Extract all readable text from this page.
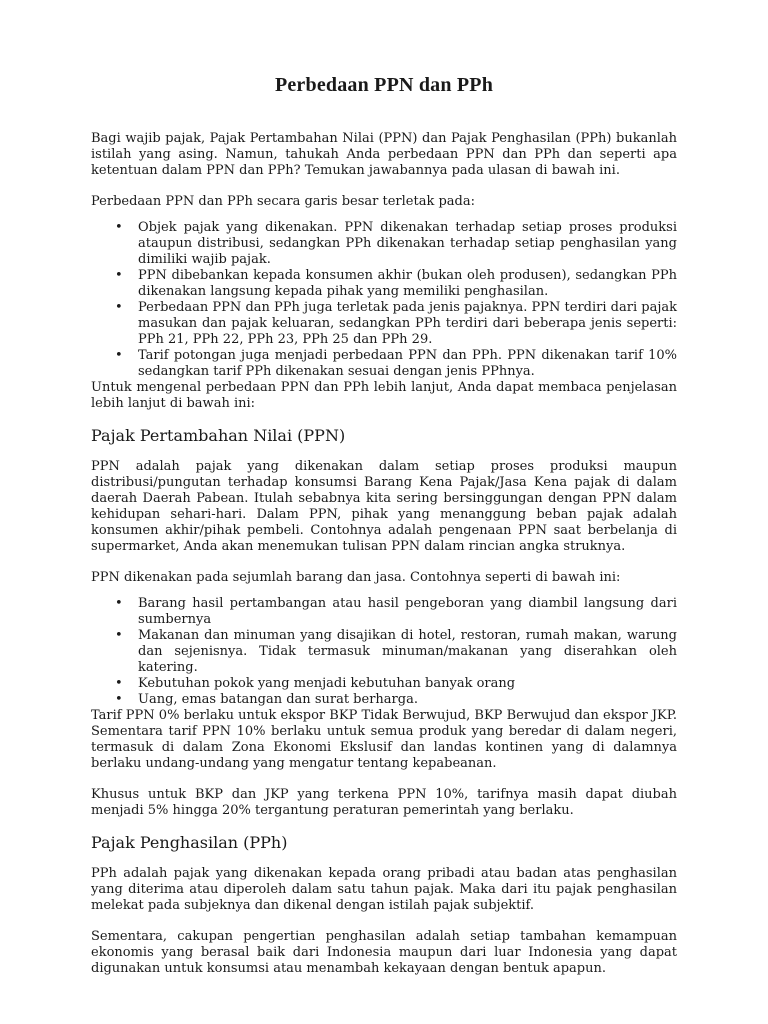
Perbedaan PPN dan PPh

Bagi wajib pajak, Pajak Pertambahan Nilai (PPN) dan Pajak Penghasilan (PPh) bukanlah istilah yang asing. Namun, tahukah Anda perbedaan PPN dan PPh dan seperti apa ketentuan dalam PPN dan PPh? Temukan jawabannya pada ulasan di bawah ini.

Perbedaan PPN dan PPh secara garis besar terletak pada:

• Objek pajak yang dikenakan. PPN dikenakan terhadap setiap proses produksi ataupun distribusi, sedangkan PPh dikenakan terhadap setiap penghasilan yang dimiliki wajib pajak.
• PPN dibebankan kepada konsumen akhir (bukan oleh produsen), sedangkan PPh dikenakan langsung kepada pihak yang memiliki penghasilan.
• Perbedaan PPN dan PPh juga terletak pada jenis pajaknya. PPN terdiri dari pajak masukan dan pajak keluaran, sedangkan PPh terdiri dari beberapa jenis seperti: PPh 21, PPh 22, PPh 23, PPh 25 dan PPh 29.
• Tarif potongan juga menjadi perbedaan PPN dan PPh. PPN dikenakan tarif 10% sedangkan tarif PPh dikenakan sesuai dengan jenis PPhnya.

Untuk mengenal perbedaan PPN dan PPh lebih lanjut, Anda dapat membaca penjelasan lebih lanjut di bawah ini:

Pajak Pertambahan Nilai (PPN)

PPN adalah pajak yang dikenakan dalam setiap proses produksi maupun distribusi/pungutan terhadap konsumsi Barang Kena Pajak/Jasa Kena pajak di dalam daerah Daerah Pabean. Itulah sebabnya kita sering bersinggungan dengan PPN dalam kehidupan sehari-hari. Dalam PPN, pihak yang menanggung beban pajak adalah konsumen akhir/pihak pembeli. Contohnya adalah pengenaan PPN saat berbelanja di supermarket, Anda akan menemukan tulisan PPN dalam rincian angka struknya.

PPN dikenakan pada sejumlah barang dan jasa. Contohnya seperti di bawah ini:

• Barang hasil pertambangan atau hasil pengeboran yang diambil langsung dari sumbernya
• Makanan dan minuman yang disajikan di hotel, restoran, rumah makan, warung dan sejenisnya. Tidak termasuk minuman/makanan yang diserahkan oleh katering.
• Kebutuhan pokok yang menjadi kebutuhan banyak orang
• Uang, emas batangan dan surat berharga.

Tarif PPN 0% berlaku untuk ekspor BKP Tidak Berwujud, BKP Berwujud dan ekspor JKP. Sementara tarif PPN 10% berlaku untuk semua produk yang beredar di dalam negeri, termasuk di dalam Zona Ekonomi Ekslusif dan landas kontinen yang di dalamnya berlaku undang-undang yang mengatur tentang kepabeanan.

Khusus untuk BKP dan JKP yang terkena PPN 10%, tarifnya masih dapat diubah menjadi 5% hingga 20% tergantung peraturan pemerintah yang berlaku.

Pajak Penghasilan (PPh)

PPh adalah pajak yang dikenakan kepada orang pribadi atau badan atas penghasilan yang diterima atau diperoleh dalam satu tahun pajak. Maka dari itu pajak penghasilan melekat pada subjeknya dan dikenal dengan istilah pajak subjektif.

Sementara, cakupan pengertian penghasilan adalah setiap tambahan kemampuan ekonomis yang berasal baik dari Indonesia maupun dari luar Indonesia yang dapat digunakan untuk konsumsi atau menambah kekayaan dengan bentuk apapun.
